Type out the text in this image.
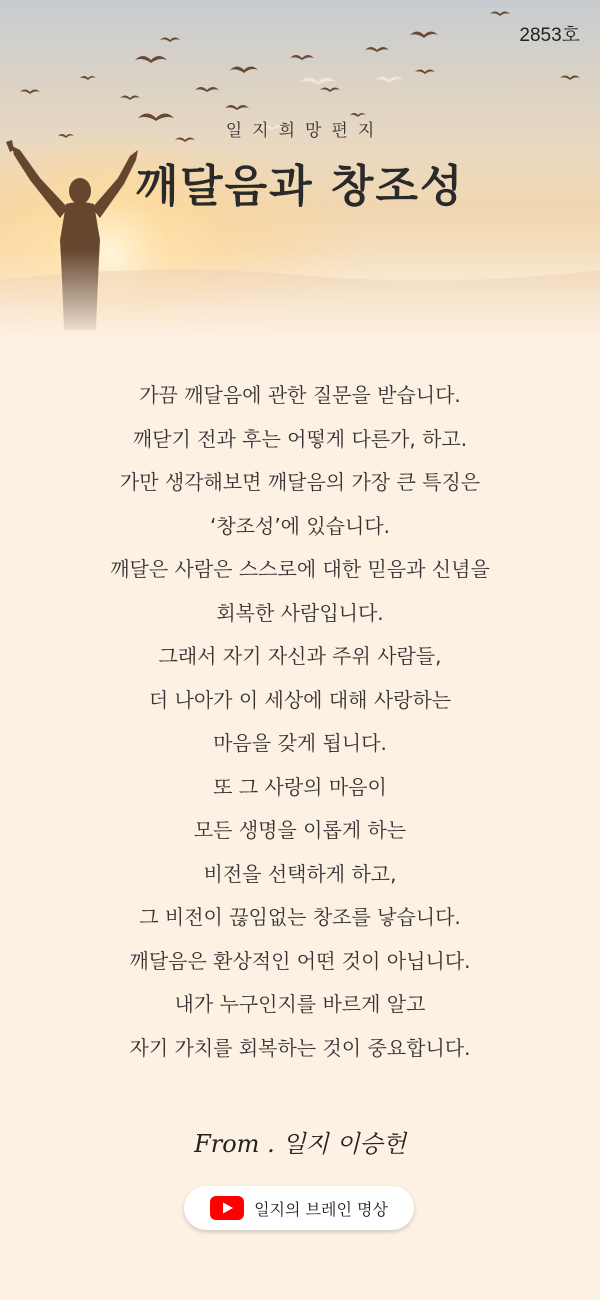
2853호
일지희망편지
깨달음과 창조성
가끔 깨달음에 관한 질문을 받습니다.
깨닫기 전과 후는 어떻게 다른가, 하고.
가만 생각해보면 깨달음의 가장 큰 특징은
‘창조성’에 있습니다.
깨달은 사람은 스스로에 대한 믿음과 신념을
회복한 사람입니다.
그래서 자기 자신과 주위 사람들,
더 나아가 이 세상에 대해 사랑하는
마음을 갖게 됩니다.
또 그 사랑의 마음이
모든 생명을 이롭게 하는
비전을 선택하게 하고,
그 비전이 끊임없는 창조를 낳습니다.
깨달음은 환상적인 어떤 것이 아닙니다.
내가 누구인지를 바르게 알고
자기 가치를 회복하는 것이 중요합니다.
From . 일지 이승헌
일지의 브레인 명상
